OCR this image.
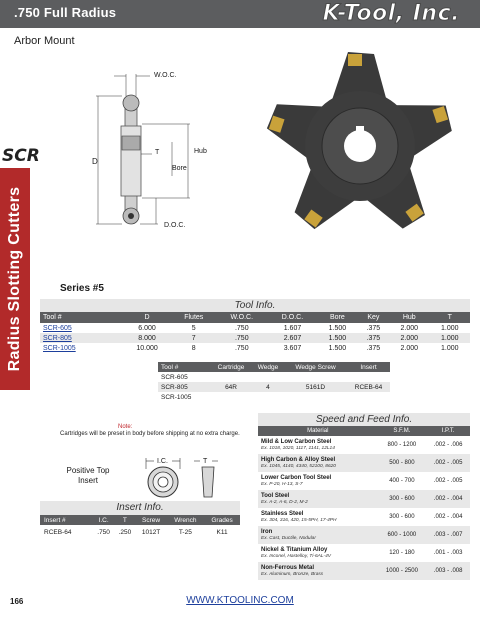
.750 Full Radius	K-Tool, Inc.
Arbor Mount
SCR
Radius Slotting Cutters
W.O.C.
D
T	Hub
Bore
D.O.C.
Series #5
Tool Info.
Tool #	D	Flutes	W.O.C.	D.O.C.	Bore	Key	Hub	T
SCR-605	6.000	5	.750	1.607	1.500	.375	2.000	1.000
SCR-805	8.000	7	.750	2.607	1.500	.375	2.000	1.000
SCR-1005	10.000	8	.750	3.607	1.500	.375	2.000	1.000
Tool #	Cartridge	Wedge	Wedge Screw	Insert
SCR-605				
SCR-805	64R	4	5161D	RCEB-64
SCR-1005				
Note:
Cartridges will be preset in body before shipping at no extra charge.
Speed and Feed Info.
Material	S.F.M.	I.P.T.

Mild & Low Carbon Steel
Ex. 1018, 1020, 1117, 1141, 12L14	800 - 1200	.002 - .006

High Carbon & Alloy Steel
Ex. 1045, 4140, 4340, 52100, 8620	500 - 800	.002 - .005

Lower Carbon Tool Steel
Ex. P-20, H-13, S-7	400 - 700	.002 - .005

Tool Steel
Ex. A-2, A-6, D-2, M-2	300 - 600	.002 - .004

Stainless Steel
Ex. 304, 316, 420, 15-5PH, 17-4PH	300 - 600	.002 - .004

Iron
Ex. Cast, Ductile, Nodular	600 - 1000	.003 - .007

Nickel & Titanium Alloy
Ex. Inconel, Hastelloy, Ti-6AL-4V	120 - 180	.001 - .003

Non-Ferrous Metal
Ex. Aluminum, Bronze, Brass	1000 - 2500	.003 - .008
Positive Top
Insert
I.C.	T
Insert Info.
Insert #	I.C.	T	Screw	Wrench	Grades
RCEB-64	.750	.250	1012T	T-25	K11
166	WWW.KTOOLINC.COM
